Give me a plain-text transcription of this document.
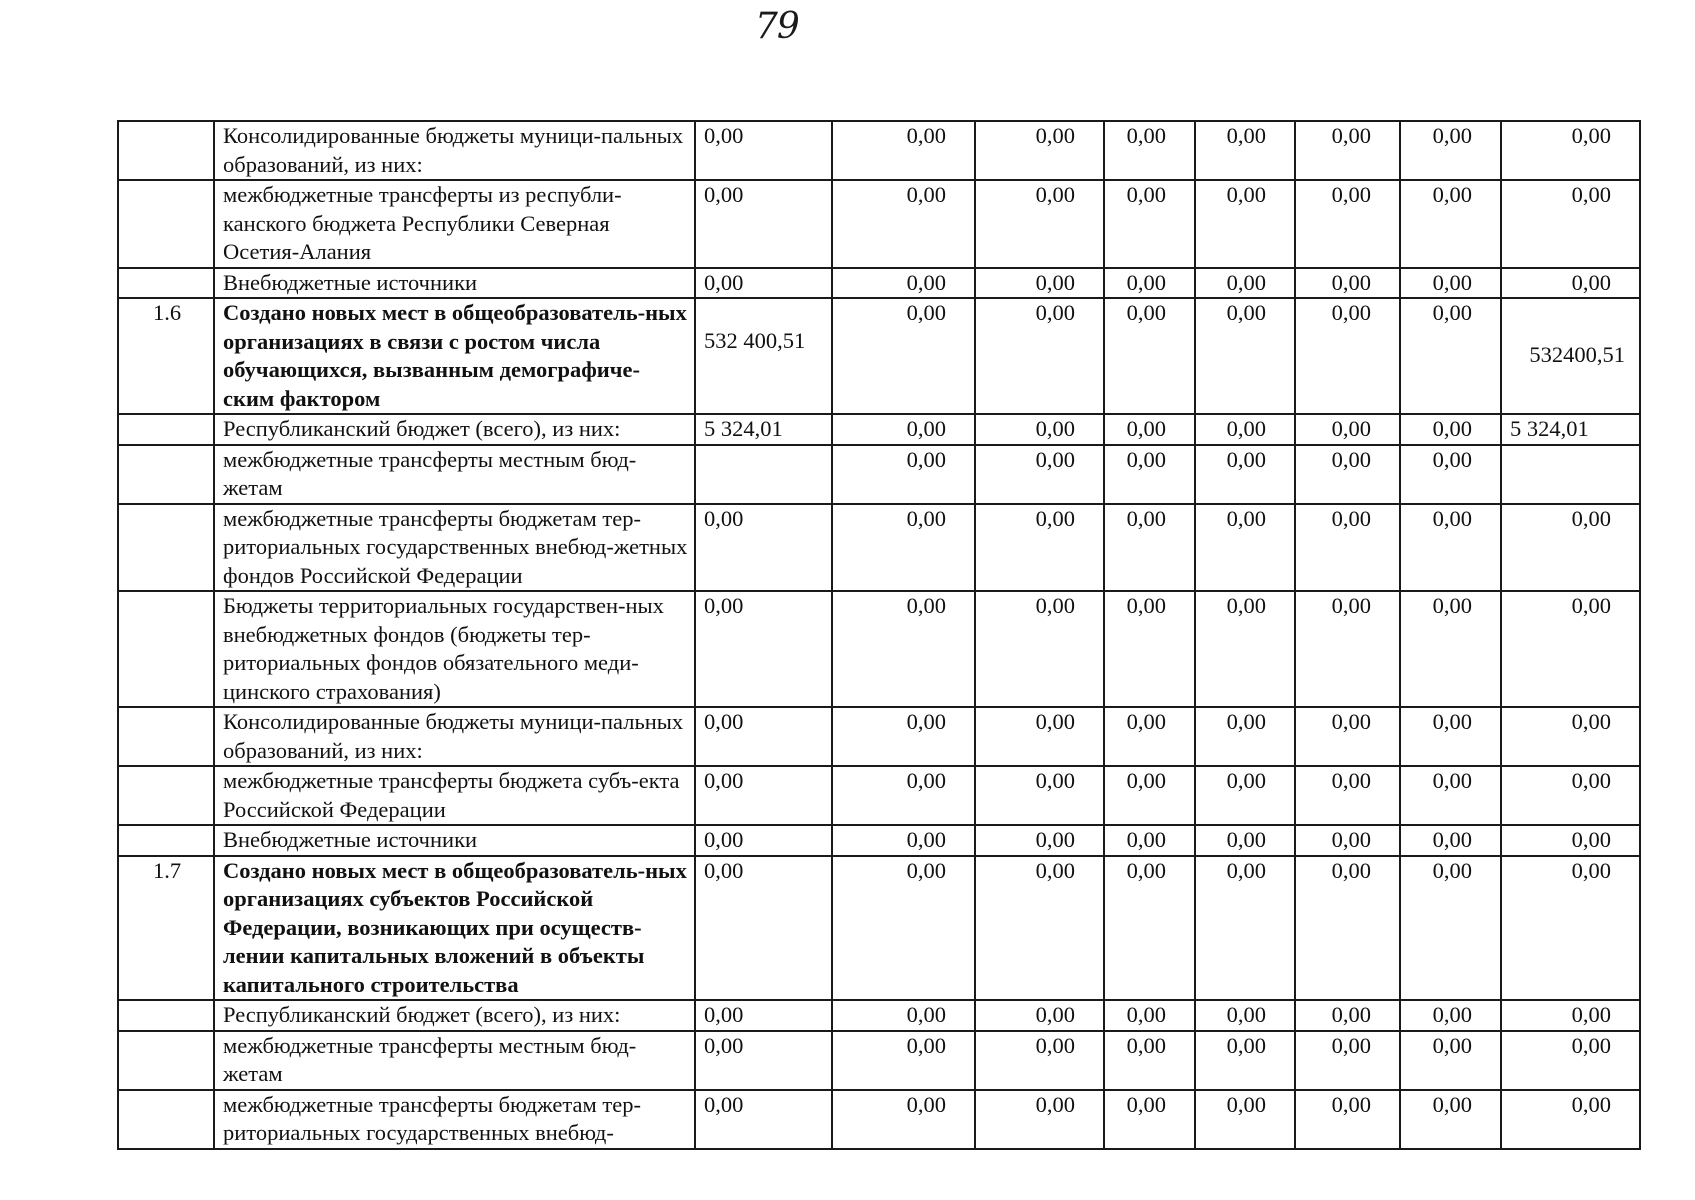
79
	Консолидированные бюджеты муници-пальных образований, из них:	0,00	0,00	0,00	0,00	0,00	0,00	0,00	0,00
	межбюджетные трансферты из республи-канского бюджета Республики Северная Осетия-Алания	0,00	0,00	0,00	0,00	0,00	0,00	0,00	0,00
	Внебюджетные источники	0,00	0,00	0,00	0,00	0,00	0,00	0,00	0,00
1.6	Создано новых мест в общеобразователь-ных организациях в связи с ростом числа обучающихся, вызванным демографиче-ским фактором	532 400,51	0,00	0,00	0,00	0,00	0,00	0,00	532400,51
	Республиканский бюджет (всего), из них:	5 324,01	0,00	0,00	0,00	0,00	0,00	0,00	5 324,01
	межбюджетные трансферты местным бюд-жетам		0,00	0,00	0,00	0,00	0,00	0,00	
	межбюджетные трансферты бюджетам тер-риториальных государственных внебюд-жетных фондов Российской Федерации	0,00	0,00	0,00	0,00	0,00	0,00	0,00	0,00
	Бюджеты территориальных государствен-ных внебюджетных фондов (бюджеты тер-риториальных фондов обязательного меди-цинского страхования)	0,00	0,00	0,00	0,00	0,00	0,00	0,00	0,00
	Консолидированные бюджеты муници-пальных образований, из них:	0,00	0,00	0,00	0,00	0,00	0,00	0,00	0,00
	межбюджетные трансферты бюджета субъ-екта Российской Федерации	0,00	0,00	0,00	0,00	0,00	0,00	0,00	0,00
	Внебюджетные источники	0,00	0,00	0,00	0,00	0,00	0,00	0,00	0,00
1.7	Создано новых мест в общеобразователь-ных организациях субъектов Российской Федерации, возникающих при осуществ-лении капитальных вложений в объекты капитального строительства	0,00	0,00	0,00	0,00	0,00	0,00	0,00	0,00
	Республиканский бюджет (всего), из них:	0,00	0,00	0,00	0,00	0,00	0,00	0,00	0,00
	межбюджетные трансферты местным бюд-жетам	0,00	0,00	0,00	0,00	0,00	0,00	0,00	0,00
	межбюджетные трансферты бюджетам тер-риториальных государственных внебюд-	0,00	0,00	0,00	0,00	0,00	0,00	0,00	0,00
